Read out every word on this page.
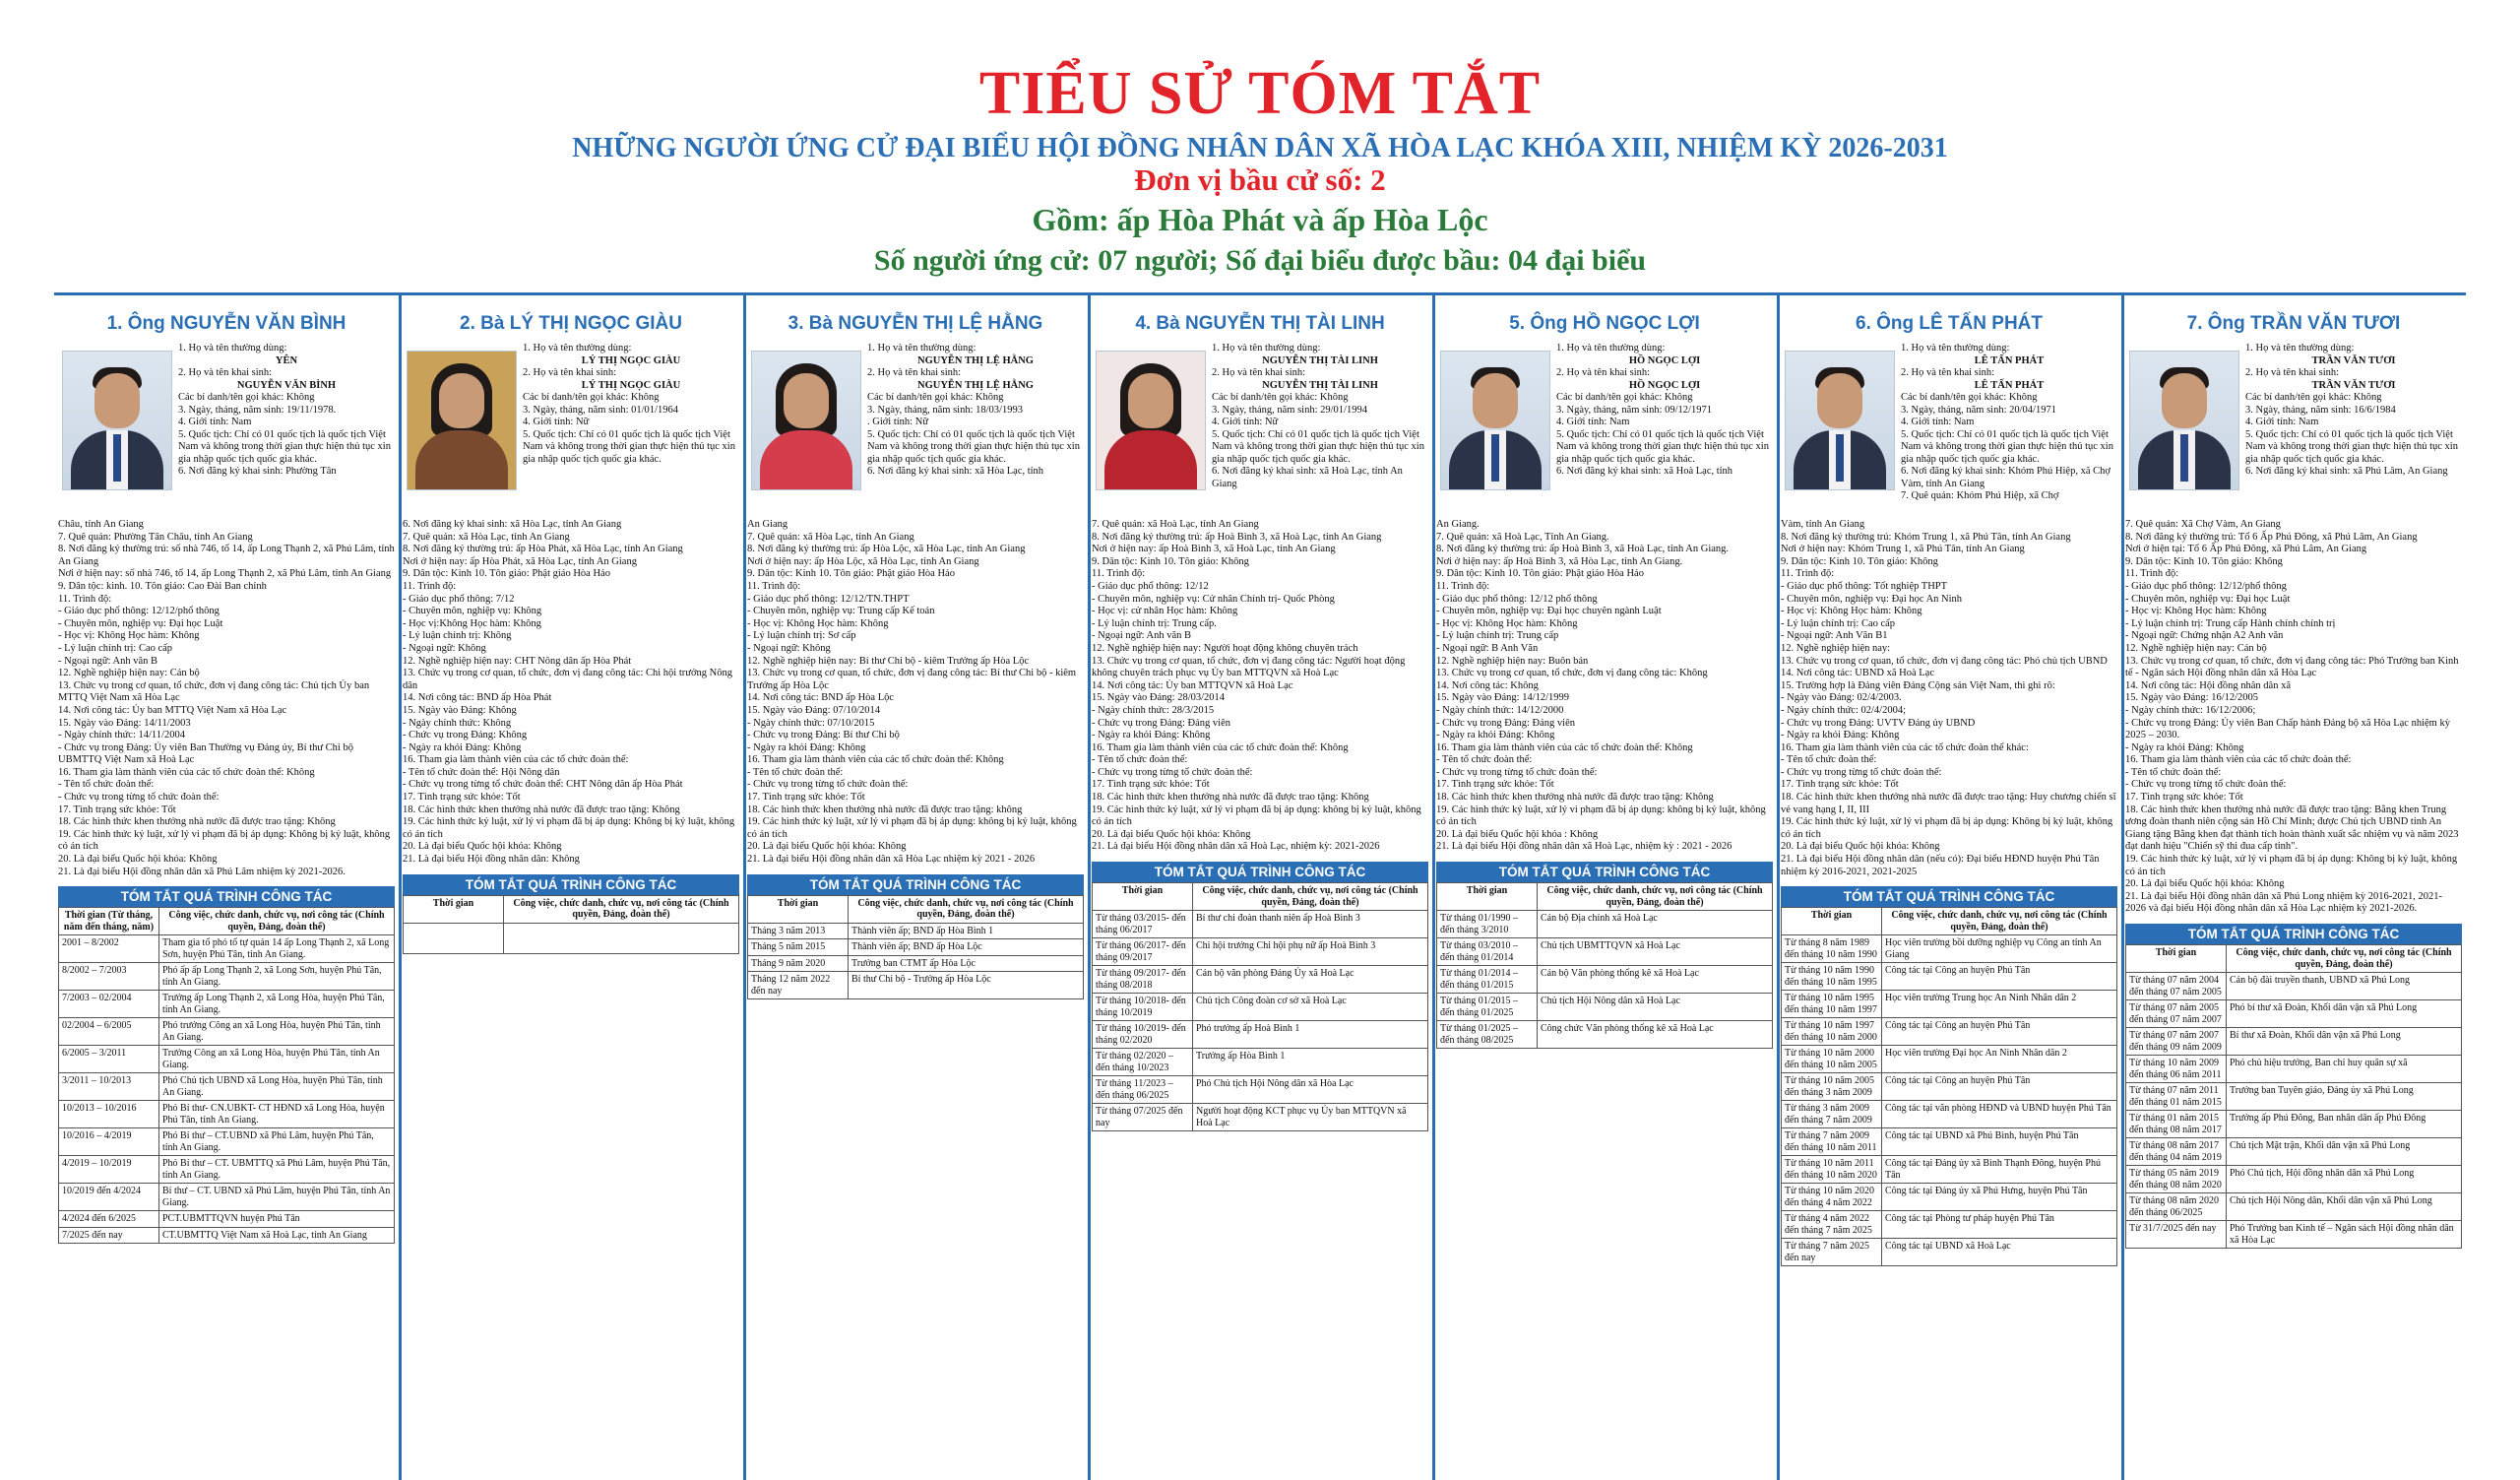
TIỂU SỬ TÓM TẮT
NHỮNG NGƯỜI ỨNG CỬ ĐẠI BIỂU HỘI ĐỒNG NHÂN DÂN XÃ HÒA LẠC KHÓA XIII, NHIỆM KỲ 2026-2031
Đơn vị bầu cử số: 2
Gồm: ấp Hòa Phát và ấp Hòa Lộc
Số người ứng cử: 07 người; Số đại biểu được bầu: 04 đại biểu
1. Ông NGUYỄN VĂN BÌNH
1. Họ và tên thường dùng:
YÊN
2. Họ và tên khai sinh:
NGUYỄN VĂN BÌNH
Các bí danh/tên gọi khác: Không
3. Ngày, tháng, năm sinh: 19/11/1978.
4. Giới tính: Nam
5. Quốc tịch: Chỉ có 01 quốc tịch là quốc tịch Việt Nam và không trong thời gian thực hiện thủ tục xin gia nhập quốc tịch quốc gia khác.
6. Nơi đăng ký khai sinh: Phường Tân
Châu, tỉnh An Giang
7. Quê quán: Phường Tân Châu, tỉnh An Giang
8. Nơi đăng ký thường trú: số nhà 746, tổ 14, ấp Long Thạnh 2, xã Phú Lâm, tỉnh An Giang
Nơi ở hiện nay: số nhà 746, tổ 14, ấp Long Thạnh 2, xã Phú Lâm, tỉnh An Giang
9. Dân tộc: kinh. 10. Tôn giáo: Cao Đài Ban chỉnh
11. Trình độ:
- Giáo dục phổ thông: 12/12/phổ thông
- Chuyên môn, nghiệp vụ: Đại học Luật
- Học vị: Không Học hàm: Không
- Lý luận chính trị: Cao cấp
- Ngoại ngữ: Anh văn B
12. Nghề nghiệp hiện nay: Cán bộ
13. Chức vụ trong cơ quan, tổ chức, đơn vị đang công tác: Chủ tịch Ủy ban MTTQ Việt Nam xã Hòa Lạc
14. Nơi công tác: Ủy ban MTTQ Việt Nam xã Hòa Lạc
15. Ngày vào Đảng: 14/11/2003
- Ngày chính thức: 14/11/2004
- Chức vụ trong Đảng: Ủy viên Ban Thường vụ Đảng ủy, Bí thư Chi bộ UBMTTQ Việt Nam xã Hoà Lạc
16. Tham gia làm thành viên của các tổ chức đoàn thể: Không
- Tên tổ chức đoàn thể:
- Chức vụ trong từng tổ chức đoàn thể:
17. Tình trạng sức khỏe: Tốt
18. Các hình thức khen thưởng nhà nước đã được trao tặng: Không
19. Các hình thức kỷ luật, xử lý vi phạm đã bị áp dụng: Không bị kỷ luật, không có án tích
20. Là đại biểu Quốc hội khóa: Không
21. Là đại biểu Hội đồng nhân dân xã Phú Lâm nhiệm kỳ 2021-2026.
TÓM TẮT QUÁ TRÌNH CÔNG TÁC
Thời gian (Từ tháng, năm đến tháng, năm)	Công việc, chức danh, chức vụ, nơi công tác (Chính quyền, Đảng, đoàn thể)
2001 – 8/2002	Tham gia tổ phó tổ tự quản 14 ấp Long Thạnh 2, xã Long Sơn, huyện Phú Tân, tỉnh An Giang.
8/2002 – 7/2003	Phó ấp ấp Long Thạnh 2, xã Long Sơn, huyện Phú Tân, tỉnh An Giang.
7/2003 – 02/2004	Trưởng ấp Long Thạnh 2, xã Long Hòa, huyện Phú Tân, tỉnh An Giang.
02/2004 – 6/2005	Phó trưởng Công an xã Long Hòa, huyện Phú Tân, tỉnh An Giang.
6/2005 – 3/2011	Trưởng Công an xã Long Hòa, huyện Phú Tân, tỉnh An Giang.
3/2011 – 10/2013	Phó Chủ tịch UBND xã Long Hòa, huyện Phú Tân, tỉnh An Giang.
10/2013 – 10/2016	Phó Bí thư- CN.UBKT- CT HĐND xã Long Hòa, huyện Phú Tân, tỉnh An Giang.
10/2016 – 4/2019	Phó Bí thư – CT.UBND xã Phú Lâm, huyện Phú Tân, tỉnh An Giang.
4/2019 – 10/2019	Phó Bí thư – CT. UBMTTQ xã Phú Lâm, huyện Phú Tân, tỉnh An Giang.
10/2019 đến 4/2024	Bí thư – CT. UBND xã Phú Lâm, huyện Phú Tân, tỉnh An Giang.
4/2024 đến 6/2025	PCT.UBMTTQVN huyện Phú Tân
7/2025 đến nay	CT.UBMTTQ Việt Nam xã Hoà Lạc, tỉnh An Giang
2. Bà LÝ THỊ NGỌC GIÀU
1. Họ và tên thường dùng:
LÝ THỊ NGỌC GIÀU
2. Họ và tên khai sinh:
LÝ THỊ NGỌC GIÀU
Các bí danh/tên gọi khác: Không
3. Ngày, tháng, năm sinh: 01/01/1964
4. Giới tính: Nữ
5. Quốc tịch: Chỉ có 01 quốc tịch là quốc tịch Việt Nam và không trong thời gian thực hiện thủ tục xin gia nhập quốc tịch quốc gia khác.
6. Nơi đăng ký khai sinh: xã Hòa Lạc, tỉnh An Giang
7. Quê quán: xã Hòa Lạc, tỉnh An Giang
8. Nơi đăng ký thường trú: ấp Hòa Phát, xã Hòa Lạc, tỉnh An Giang
Nơi ở hiện nay: ấp Hòa Phát, xã Hòa Lạc, tỉnh An Giang
9. Dân tộc: Kinh 10. Tôn giáo: Phật giáo Hòa Hảo
11. Trình độ:
- Giáo dục phổ thông: 7/12
- Chuyên môn, nghiệp vụ: Không
- Học vị:Không Học hàm: Không
- Lý luận chính trị: Không
- Ngoại ngữ: Không
12. Nghề nghiệp hiện nay: CHT Nông dân ấp Hòa Phát
13. Chức vụ trong cơ quan, tổ chức, đơn vị đang công tác: Chi hội trưởng Nông dân
14. Nơi công tác: BND ấp Hòa Phát
15. Ngày vào Đảng: Không
- Ngày chính thức: Không
- Chức vụ trong Đảng: Không
- Ngày ra khỏi Đảng: Không
16. Tham gia làm thành viên của các tổ chức đoàn thể:
- Tên tổ chức đoàn thể: Hội Nông dân
- Chức vụ trong từng tổ chức đoàn thể: CHT Nông dân ấp Hòa Phát
17. Tình trạng sức khỏe: Tốt
18. Các hình thức khen thưởng nhà nước đã được trao tặng: Không
19. Các hình thức kỷ luật, xử lý vi phạm đã bị áp dụng: Không bị kỷ luật, không có án tích
20. Là đại biểu Quốc hội khóa: Không
21. Là đại biểu Hội đồng nhân dân: Không
TÓM TẮT QUÁ TRÌNH CÔNG TÁC
Thời gian	Công việc, chức danh, chức vụ, nơi công tác (Chính quyền, Đảng, đoàn thể)

3. Bà NGUYỄN THỊ LỆ HẰNG
1. Họ và tên thường dùng:
NGUYỄN THỊ LỆ HẰNG
2. Họ và tên khai sinh:
NGUYỄN THỊ LỆ HẰNG
Các bí danh/tên gọi khác: Không
3. Ngày, tháng, năm sinh: 18/03/1993
. Giới tính: Nữ
5. Quốc tịch: Chỉ có 01 quốc tịch là quốc tịch Việt Nam và không trong thời gian thực hiện thủ tục xin gia nhập quốc tịch quốc gia khác.
6. Nơi đăng ký khai sinh: xã Hòa Lạc, tỉnh
An Giang
7. Quê quán: xã Hòa Lạc, tỉnh An Giang
8. Nơi đăng ký thường trú: ấp Hòa Lộc, xã Hòa Lạc, tỉnh An Giang
Nơi ở hiện nay: ấp Hòa Lộc, xã Hòa Lạc, tỉnh An Giang
9. Dân tộc: Kinh 10. Tôn giáo: Phật giáo Hòa Hảo
11. Trình độ:
- Giáo dục phổ thông: 12/12/TN.THPT
- Chuyên môn, nghiệp vụ: Trung cấp Kế toán
- Học vị: Không Học hàm: Không
- Lý luận chính trị: Sơ cấp
- Ngoại ngữ: Không
12. Nghề nghiệp hiện nay: Bí thư Chi bộ - kiêm Trưởng ấp Hòa Lộc
13. Chức vụ trong cơ quan, tổ chức, đơn vị đang công tác: Bí thư Chi bộ - kiêm Trưởng ấp Hòa Lộc
14. Nơi công tác: BND ấp Hòa Lộc
15. Ngày vào Đảng: 07/10/2014
- Ngày chính thức: 07/10/2015
- Chức vụ trong Đảng: Bí thư Chi bộ
- Ngày ra khỏi Đảng: Không
16. Tham gia làm thành viên của các tổ chức đoàn thể: Không
- Tên tổ chức đoàn thể:
- Chức vụ trong từng tổ chức đoàn thể:
17. Tình trạng sức khỏe: Tốt
18. Các hình thức khen thưởng nhà nước đã được trao tặng: không
19. Các hình thức kỷ luật, xử lý vi phạm đã bị áp dụng: không bị kỷ luật, không có án tích
20. Là đại biểu Quốc hội khóa: Không
21. Là đại biểu Hội đồng nhân dân xã Hòa Lạc nhiệm kỳ 2021 - 2026
TÓM TẮT QUÁ TRÌNH CÔNG TÁC
Thời gian	Công việc, chức danh, chức vụ, nơi công tác (Chính quyền, Đảng, đoàn thể)
Tháng 3 năm 2013	Thành viên ấp; BND ấp Hòa Bình 1
Tháng 5 năm 2015	Thành viên ấp; BND ấp Hòa Lộc
Tháng 9 năm 2020	Trưởng ban CTMT ấp Hòa Lộc
Tháng 12 năm 2022 đến nay	Bí thư Chi bộ - Trưởng ấp Hòa Lộc
4. Bà NGUYỄN THỊ TÀI LINH
1. Họ và tên thường dùng:
NGUYỄN THỊ TÀI LINH
2. Họ và tên khai sinh:
NGUYỄN THỊ TÀI LINH
Các bí danh/tên gọi khác: Không
3. Ngày, tháng, năm sinh: 29/01/1994
4. Giới tính: Nữ
5. Quốc tịch: Chỉ có 01 quốc tịch là quốc tịch Việt Nam và không trong thời gian thực hiện thủ tục xin gia nhập quốc tịch quốc gia khác.
6. Nơi đăng ký khai sinh: xã Hoà Lạc, tỉnh An Giang
7. Quê quán: xã Hoà Lạc, tỉnh An Giang
8. Nơi đăng ký thường trú: ấp Hoà Bình 3, xã Hoà Lạc, tỉnh An Giang
Nơi ở hiện nay: ấp Hoà Bình 3, xã Hoà Lạc, tỉnh An Giang
9. Dân tộc: Kinh 10. Tôn giáo: Không
11. Trình độ:
- Giáo dục phổ thông: 12/12
- Chuyên môn, nghiệp vụ: Cử nhân Chính trị- Quốc Phòng
- Học vị: cử nhân Học hàm: Không
- Lý luận chính trị: Trung cấp.
- Ngoại ngữ: Anh văn B
12. Nghề nghiệp hiện nay: Người hoạt động không chuyên trách
13. Chức vụ trong cơ quan, tổ chức, đơn vị đang công tác: Người hoạt động không chuyên trách phục vụ Ủy ban MTTQVN xã Hoà Lạc
14. Nơi công tác: Ủy ban MTTQVN xã Hoà Lạc
15. Ngày vào Đảng: 28/03/2014
- Ngày chính thức: 28/3/2015
- Chức vụ trong Đảng: Đảng viên
- Ngày ra khỏi Đảng: Không
16. Tham gia làm thành viên của các tổ chức đoàn thể: Không
- Tên tổ chức đoàn thể:
- Chức vụ trong từng tổ chức đoàn thể:
17. Tình trạng sức khỏe: Tốt
18. Các hình thức khen thưởng nhà nước đã được trao tặng: Không
19. Các hình thức kỷ luật, xử lý vi phạm đã bị áp dụng: không bị kỷ luật, không có án tích
20. Là đại biểu Quốc hội khóa: Không
21. Là đại biểu Hội đồng nhân dân xã Hoà Lạc, nhiệm kỳ: 2021-2026
TÓM TẮT QUÁ TRÌNH CÔNG TÁC
Thời gian	Công việc, chức danh, chức vụ, nơi công tác (Chính quyền, Đảng, đoàn thể)
Từ tháng 03/2015- đến tháng 06/2017	Bí thư chi đoàn thanh niên ấp Hoà Bình 3
Từ tháng 06/2017- đến tháng 09/2017	Chi hội trưởng Chi hội phụ nữ ấp Hoà Bình 3
Từ tháng 09/2017- đến tháng 08/2018	Cán bộ văn phòng Đảng Ủy xã Hoà Lạc
Từ tháng 10/2018- đến tháng 10/2019	Chủ tịch Công đoàn cơ sở xã Hoà Lạc
Từ tháng 10/2019- đến tháng 02/2020	Phó trưởng ấp Hoà Bình 1
Từ tháng 02/2020 – đến tháng 10/2023	Trưởng ấp Hòa Bình 1
Từ tháng 11/2023 – đến tháng 06/2025	Phó Chủ tịch Hội Nông dân xã Hòa Lạc
Từ tháng 07/2025 đến nay	Người hoạt động KCT phục vụ Ủy ban MTTQVN xã Hoà Lạc
5. Ông HỒ NGỌC LỢI
1. Họ và tên thường dùng:
HỒ NGỌC LỢI
2. Họ và tên khai sinh:
HỒ NGỌC LỢI
Các bí danh/tên gọi khác: Không
3. Ngày, tháng, năm sinh: 09/12/1971
4. Giới tính: Nam
5. Quốc tịch: Chỉ có 01 quốc tịch là quốc tịch Việt Nam và không trong thời gian thực hiện thủ tục xin gia nhập quốc tịch quốc gia khác.
6. Nơi đăng ký khai sinh: xã Hoà Lạc, tỉnh
An Giang.
7. Quê quán: xã Hoà Lạc, Tỉnh An Giang.
8. Nơi đăng ký thường trú: ấp Hoà Bình 3, xã Hoà Lạc, tỉnh An Giang.
Nơi ở hiện nay: ấp Hoà Bình 3, xã Hòa Lạc, tỉnh An Giang.
9. Dân tộc: Kinh 10. Tôn giáo: Phật giáo Hòa Hảo
11. Trình độ:
- Giáo dục phổ thông: 12/12 phổ thông
- Chuyên môn, nghiệp vụ: Đại học chuyên ngành Luật
- Học vị: Không Học hàm: Không
- Lý luận chính trị: Trung cấp
- Ngoại ngữ: B Anh Văn
12. Nghề nghiệp hiện nay: Buôn bán
13. Chức vụ trong cơ quan, tổ chức, đơn vị đang công tác: Không
14. Nơi công tác: Không
15. Ngày vào Đảng: 14/12/1999
- Ngày chính thức: 14/12/2000
- Chức vụ trong Đảng: Đảng viên
- Ngày ra khỏi Đảng: Không
16. Tham gia làm thành viên của các tổ chức đoàn thể: Không
- Tên tổ chức đoàn thể:
- Chức vụ trong từng tổ chức đoàn thể:
17. Tình trạng sức khỏe: Tốt
18. Các hình thức khen thưởng nhà nước đã được trao tặng: Không
19. Các hình thức kỷ luật, xử lý vi phạm đã bị áp dụng: không bị kỷ luật, không có án tích
20. Là đại biểu Quốc hội khóa : Không
21. Là đại biểu Hội đồng nhân dân xã Hoà Lạc, nhiệm kỳ : 2021 - 2026
TÓM TẮT QUÁ TRÌNH CÔNG TÁC
Thời gian	Công việc, chức danh, chức vụ, nơi công tác (Chính quyền, Đảng, đoàn thể)
Từ tháng 01/1990 – đến tháng 3/2010	Cán bộ Địa chính xã Hoà Lạc
Từ tháng 03/2010 – đến tháng 01/2014	Chủ tịch UBMTTQVN xã Hoà Lạc
Từ tháng 01/2014 – đến tháng 01/2015	Cán bộ Văn phòng thống kê xã Hoà Lạc
Từ tháng 01/2015 – đến tháng 01/2025	Chủ tịch Hội Nông dân xã Hoà Lạc
Từ tháng 01/2025 – đến tháng 08/2025	Công chức Văn phòng thống kê xã Hoà Lạc
6. Ông LÊ TẤN PHÁT
1. Họ và tên thường dùng:
LÊ TẤN PHÁT
2. Họ và tên khai sinh:
LÊ TẤN PHÁT
Các bí danh/tên gọi khác: Không
3. Ngày, tháng, năm sinh: 20/04/1971
4. Giới tính: Nam
5. Quốc tịch: Chỉ có 01 quốc tịch là quốc tịch Việt Nam và không trong thời gian thực hiện thủ tục xin gia nhập quốc tịch quốc gia khác.
6. Nơi đăng ký khai sinh: Khóm Phú Hiệp, xã Chợ Vàm, tỉnh An Giang
7. Quê quán: Khóm Phú Hiệp, xã Chợ
Vàm, tỉnh An Giang
8. Nơi đăng ký thường trú: Khóm Trung 1, xã Phú Tân, tỉnh An Giang
Nơi ở hiện nay: Khóm Trung 1, xã Phú Tân, tỉnh An Giang
9. Dân tộc: Kinh 10. Tôn giáo: Không
11. Trình độ:
- Giáo dục phổ thông: Tốt nghiệp THPT
- Chuyên môn, nghiệp vụ: Đại học An Ninh
- Học vị: Không Học hàm: Không
- Lý luận chính trị: Cao cấp
- Ngoại ngữ: Anh Văn B1
12. Nghề nghiệp hiện nay:
13. Chức vụ trong cơ quan, tổ chức, đơn vị đang công tác: Phó chủ tịch UBND
14. Nơi công tác: UBND xã Hoà Lạc
15. Trường hợp là Đảng viên Đảng Cộng sản Việt Nam, thì ghi rõ:
- Ngày vào Đảng: 02/4/2003.
- Ngày chính thức: 02/4/2004;
- Chức vụ trong Đảng: UVTV Đảng ủy UBND
- Ngày ra khỏi Đảng: Không
16. Tham gia làm thành viên của các tổ chức đoàn thể khác:
- Tên tổ chức đoàn thể:
- Chức vụ trong từng tổ chức đoàn thể:
17. Tình trạng sức khỏe: Tốt
18. Các hình thức khen thưởng nhà nước đã được trao tặng: Huy chương chiến sĩ vẻ vang hạng I, II, III
19. Các hình thức kỷ luật, xử lý vi phạm đã bị áp dụng: Không bị kỷ luật, không có án tích
20. Là đại biểu Quốc hội khóa: Không
21. Là đại biểu Hội đồng nhân dân (nếu có): Đại biểu HĐND huyện Phú Tân nhiệm kỳ 2016-2021, 2021-2025
TÓM TẮT QUÁ TRÌNH CÔNG TÁC
Thời gian	Công việc, chức danh, chức vụ, nơi công tác (Chính quyền, Đảng, đoàn thể)
Từ tháng 8 năm 1989 đến tháng 10 năm 1990	Học viên trường bồi dưỡng nghiệp vụ Công an tỉnh An Giang
Từ tháng 10 năm 1990 đến tháng 10 năm 1995	Công tác tại Công an huyện Phú Tân
Từ tháng 10 năm 1995 đến tháng 10 năm 1997	Học viên trường Trung học An Ninh Nhân dân 2
Từ tháng 10 năm 1997 đến tháng 10 năm 2000	Công tác tại Công an huyện Phú Tân
Từ tháng 10 năm 2000 đến tháng 10 năm 2005	Học viên trường Đại học An Ninh Nhân dân 2
Từ tháng 10 năm 2005 đến tháng 3 năm 2009	Công tác tại Công an huyện Phú Tân
Từ tháng 3 năm 2009 đến tháng 7 năm 2009	Công tác tại văn phòng HĐND và UBND huyện Phú Tân
Từ tháng 7 năm 2009 đến tháng 10 năm 2011	Công tác tại UBND xã Phú Bình, huyện Phú Tân
Từ tháng 10 năm 2011 đến tháng 10 năm 2020	Công tác tại Đảng ủy xã Bình Thạnh Đông, huyện Phú Tân
Từ tháng 10 năm 2020 đến tháng 4 năm 2022	Công tác tại Đảng ủy xã Phú Hưng, huyện Phú Tân
Từ tháng 4 năm 2022 đến tháng 7 năm 2025	Công tác tại Phòng tư pháp huyện Phú Tân
Từ tháng 7 năm 2025 đến nay	Công tác tại UBND xã Hoà Lạc
7. Ông TRẦN VĂN TƯƠI
1. Họ và tên thường dùng:
TRẦN VĂN TƯƠI
2. Họ và tên khai sinh:
TRẦN VĂN TƯƠI
Các bí danh/tên gọi khác: Không
3. Ngày, tháng, năm sinh: 16/6/1984
4. Giới tính: Nam
5. Quốc tịch: Chỉ có 01 quốc tịch là quốc tịch Việt Nam và không trong thời gian thực hiện thủ tục xin gia nhập quốc tịch quốc gia khác.
6. Nơi đăng ký khai sinh: xã Phú Lâm, An Giang
7. Quê quán: Xã Chợ Vàm, An Giang
8. Nơi đăng ký thường trú: Tổ 6 Ấp Phú Đông, xã Phú Lâm, An Giang
Nơi ở hiện tại: Tổ 6 Ấp Phú Đông, xã Phú Lâm, An Giang
9. Dân tộc: Kinh 10. Tôn giáo: Không
11. Trình độ:
- Giáo dục phổ thông: 12/12/phổ thông
- Chuyên môn, nghiệp vụ: Đại học Luật
- Học vị: Không Học hàm: Không
- Lý luận chính trị: Trung cấp Hành chính chính trị
- Ngoại ngữ: Chứng nhận A2 Anh văn
12. Nghề nghiệp hiện nay: Cán bộ
13. Chức vụ trong cơ quan, tổ chức, đơn vị đang công tác: Phó Trưởng ban Kinh tế - Ngân sách Hội đồng nhân dân xã Hòa Lạc
14. Nơi công tác: Hội đồng nhân dân xã
15. Ngày vào Đảng: 16/12/2005
- Ngày chính thức: 16/12/2006;
- Chức vụ trong Đảng: Ủy viên Ban Chấp hành Đảng bộ xã Hòa Lạc nhiệm kỳ 2025 – 2030.
- Ngày ra khỏi Đảng: Không
16. Tham gia làm thành viên của các tổ chức đoàn thể:
- Tên tổ chức đoàn thể:
- Chức vụ trong từng tổ chức đoàn thể:
17. Tình trạng sức khỏe: Tốt
18. Các hình thức khen thưởng nhà nước đã được trao tặng: Bằng khen Trung ương đoàn thanh niên cộng sản Hồ Chí Minh; được Chủ tịch UBND tỉnh An Giang tặng Bằng khen đạt thành tích hoàn thành xuất sắc nhiệm vụ và năm 2023 đạt danh hiệu "Chiến sỹ thi đua cấp tỉnh".
19. Các hình thức kỷ luật, xử lý vi phạm đã bị áp dụng: Không bị kỷ luật, không có án tích
20. Là đại biểu Quốc hội khóa: Không
21. Là đại biểu Hội đồng nhân dân xã Phú Long nhiệm kỳ 2016-2021, 2021-2026 và đại biểu Hội đồng nhân dân xã Hòa Lạc nhiệm kỳ 2021-2026.
TÓM TẮT QUÁ TRÌNH CÔNG TÁC
Thời gian	Công việc, chức danh, chức vụ, nơi công tác (Chính quyền, Đảng, đoàn thể)
Từ tháng 07 năm 2004 đến tháng 07 năm 2005	Cán bộ đài truyền thanh, UBND xã Phú Long
Từ tháng 07 năm 2005 đến tháng 07 năm 2007	Phó bí thư xã Đoàn, Khối dân vận xã Phú Long
Từ tháng 07 năm 2007 đến tháng 09 năm 2009	Bí thư xã Đoàn, Khối dân vận xã Phú Long
Từ tháng 10 năm 2009 đến tháng 06 năm 2011	Phó chủ hiệu trưởng, Ban chỉ huy quân sự xã
Từ tháng 07 năm 2011 đến tháng 01 năm 2015	Trưởng ban Tuyên giáo, Đảng ủy xã Phú Long
Từ tháng 01 năm 2015 đến tháng 08 năm 2017	Trưởng ấp Phú Đông, Ban nhân dân ấp Phú Đông
Từ tháng 08 năm 2017 đến tháng 04 năm 2019	Chủ tịch Mặt trận, Khối dân vận xã Phú Long
Từ tháng 05 năm 2019 đến tháng 08 năm 2020	Phó Chủ tịch, Hội đồng nhân dân xã Phú Long
Từ tháng 08 năm 2020 đến tháng 06/2025	Chủ tịch Hội Nông dân, Khối dân vận xã Phú Long
Từ 31/7/2025 đến nay	Phó Trưởng ban Kinh tế – Ngân sách Hội đồng nhân dân xã Hòa Lạc
